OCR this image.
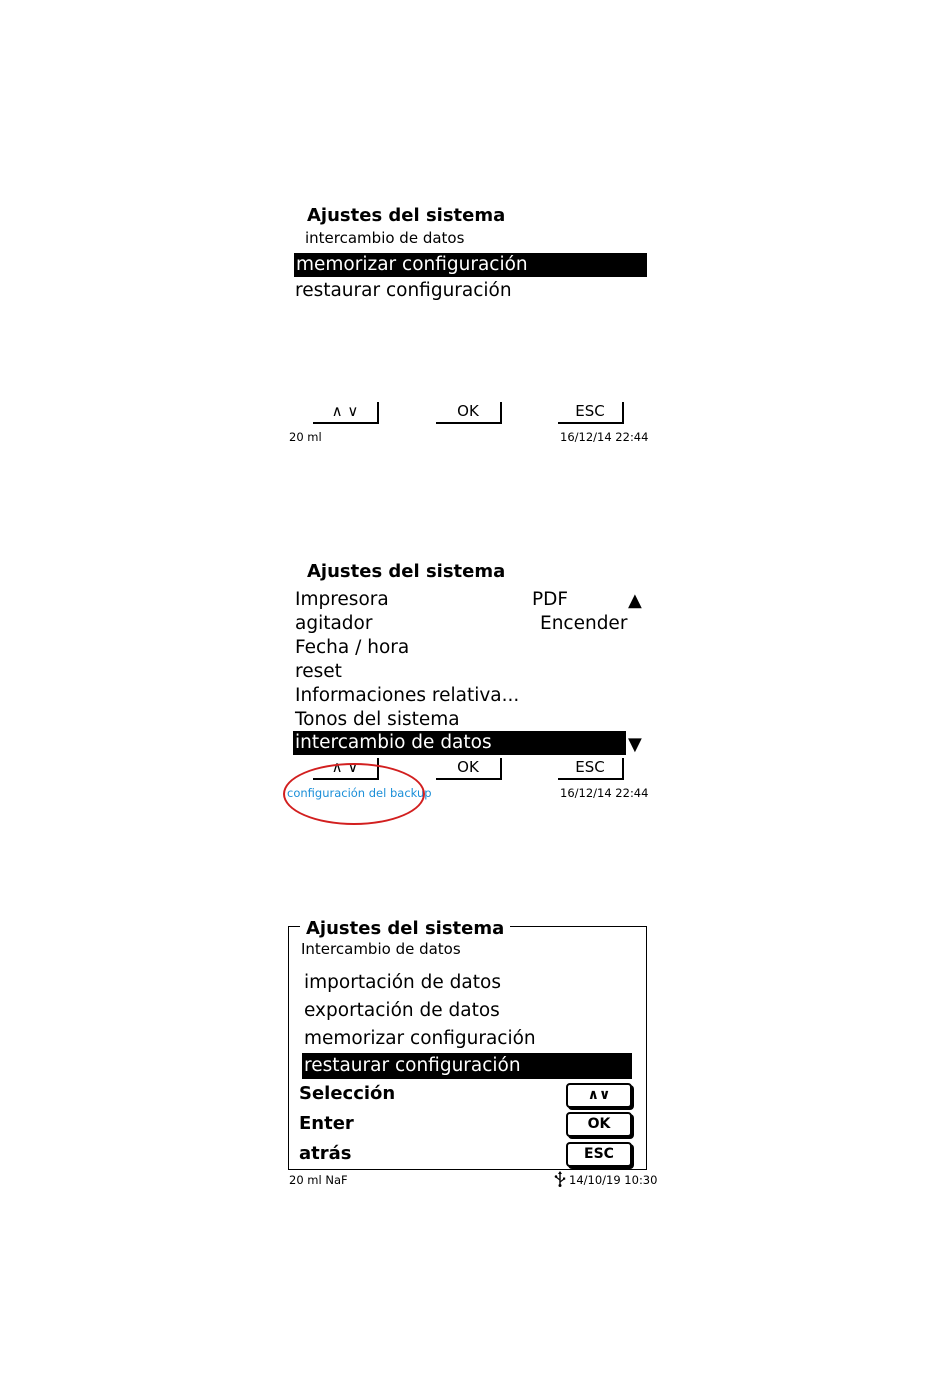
Ajustes del sistema
intercambio de datos
memorizar configuración
restaurar configuración
∧ ∨	OK	ESC
20 ml	16/12/14 22:44
Ajustes del sistema
Impresora	PDF	▲
agitador	Encender
Fecha / hora
reset
Informaciones relativa...
Tonos del sistema
intercambio de datos	▼
∧ ∨	OK	ESC
configuración del backup	16/12/14 22:44
Ajustes del sistema
Intercambio de datos
importación de datos
exportación de datos
memorizar configuración
restaurar configuración
Selección	∧∨
Enter	OK
atrás	ESC
20 ml NaF	14/10/19 10:30
